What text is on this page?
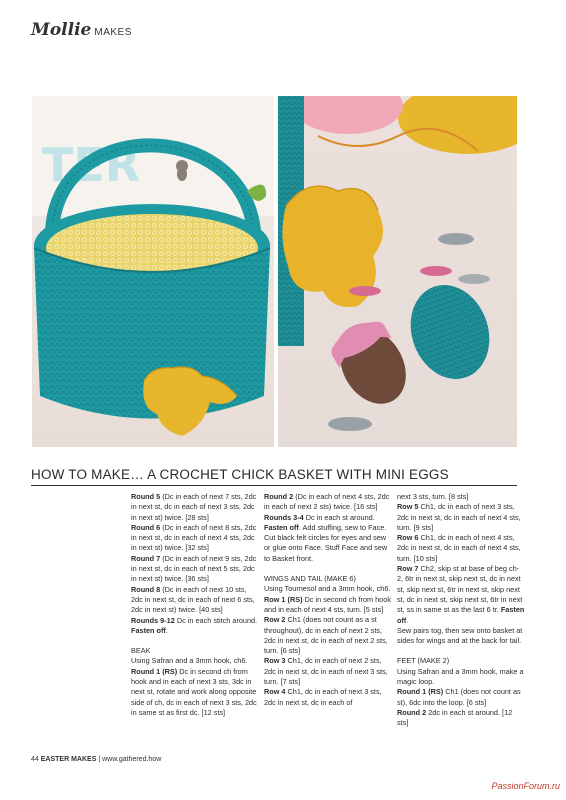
Mollie MAKES
TER
HOW TO MAKE… A CROCHET CHICK BASKET WITH MINI EGGS

Round 5 (Dc in each of next 7 sts, 2dc in next st, dc in each of next 3 sts, 2dc in next st) twice. [28 sts]

Round 6 (Dc in each of next 8 sts, 2dc in next st, dc in each of next 4 sts, 2dc in next st) twice. [32 sts]

Round 7 (Dc in each of next 9 sts, 2dc in next st, dc in each of next 5 sts, 2dc in next st) twice. [36 sts]

Round 8 (Dc in each of next 10 sts, 2dc in next st, dc in each of next 6 sts, 2dc in next st) twice. [40 sts]

Rounds 9-12 Dc in each stitch around. Fasten off.

BEAK

Using Safran and a 3mm hook, ch6.

Round 1 (RS) Dc in second ch from hook and in each of next 3 sts, 3dc in next st, rotate and work along opposite side of ch, dc in each of next 3 sts, 2dc in same st as first dc. [12 sts]

Round 2 (Dc in each of next 4 sts, 2dc in each of next 2 sts) twice. [16 sts]

Rounds 3-4 Dc in each st around. Fasten off. Add stuffing, sew to Face. Cut black felt circles for eyes and sew or glue onto Face. Stuff Face and sew to Basket front.

WINGS AND TAIL (MAKE 6)

Using Tournesol and a 3mm hook, ch6.

Row 1 (RS) Dc in second ch from hook and in each of next 4 sts, turn. [5 sts]

Row 2 Ch1 (does not count as a st throughout), dc in each of next 2 sts, 2dc in next st, dc in each of next 2 sts, turn. [6 sts]

Row 3 Ch1, dc in each of next 2 sts, 2dc in next st, dc in each of next 3 sts, turn. [7 sts]

Row 4 Ch1, dc in each of next 3 sts, 2dc in next st, dc in each of

next 3 sts, turn. [8 sts]

Row 5 Ch1, dc in each of next 3 sts, 2dc in next st, dc in each of next 4 sts, turn. [9 sts]

Row 6 Ch1, dc in each of next 4 sts, 2dc in next st, dc in each of next 4 sts, turn. [10 sts]

Row 7 Ch2, skip st at base of beg ch-2, 6tr in next st, skip next st, dc in next st, skip next st, 6tr in next st, skip next st, dc in next st, skip next st, 6tr in next st, ss in same st as the last 6 tr. Fasten off.

Sew pairs tog, then sew onto basket at sides for wings and at the back for tail.

FEET (MAKE 2)

Using Safran and a 3mm hook, make a magic loop.

Round 1 (RS) Ch1 (does not count as st), 6dc into the loop. [6 sts]

Round 2 2dc in each st around. [12 sts]

44 EASTER MAKES | www.gathered.how
PassionForum.ru
